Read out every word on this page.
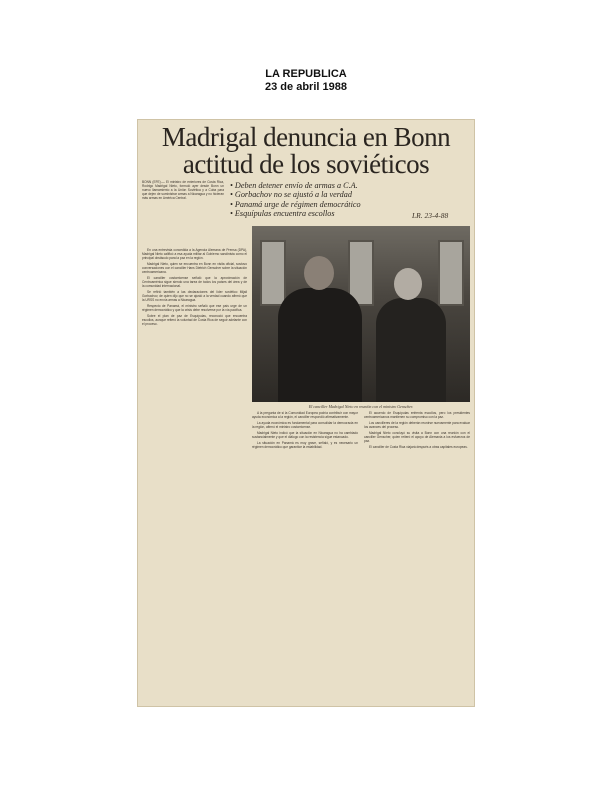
LA REPUBLICA
23 de abril 1988
Madrigal denuncia en Bonn
actitud de los soviéticos
BONN (EFE).— El ministro de exteriores de Costa Rica, Rodrigo Madrigal Nieto, formuló ayer desde Bonn un nuevo llamamiento a la Unión Soviética y a Cuba para que dejen de suministrar armas a Nicaragua y no hicieran más armas en América Central.
• Deben detener envío de armas a C.A.
• Gorbachov no se ajustó a la verdad
• Panamá urge de régimen democrático
• Esquípulas encuentra escollos	LR. 23-4-88
El canciller Madrigal Nieto en reunión con el ministro Genscher.

En una entrevista concedida a la Agencia Alemana de Prensa (DPA), Madrigal Nieto calificó a esa ayuda militar al Gobierno sandinista como el principal obstáculo para la paz en la región.

Madrigal Nieto, quien se encuentra en Bonn en visita oficial, sostuvo conversaciones con el canciller Hans Dietrich Genscher sobre la situación centroamericana.

El canciller costarricense señaló que la aproximación de Centroamérica sigue siendo una tarea de todos los países del área y de la comunidad internacional.

Se refirió también a las declaraciones del líder soviético Mijail Gorbachov, de quien dijo que no se ajustó a la verdad cuando afirmó que la URSS no envía armas a Nicaragua.

Respecto de Panamá, el ministro señaló que ese país urge de un régimen democrático y que la crisis debe resolverse por la vía pacífica.

Sobre el plan de paz de Esquípulas, reconoció que encuentra escollos, aunque reiteró la voluntad de Costa Rica de seguir adelante con el proceso.

A la pregunta de si la Comunidad Europea podría contribuir con mayor ayuda económica a la región, el canciller respondió afirmativamente.

La ayuda económica es fundamental para consolidar la democracia en la región, afirmó el ministro costarricense.

Madrigal Nieto indicó que la situación en Nicaragua no ha cambiado sustancialmente y que el diálogo con la resistencia sigue estancado.

La situación en Panamá es muy grave, señaló, y es necesario un régimen democrático que garantice la estabilidad.

El acuerdo de Esquípulas enfrenta escollos, pero los presidentes centroamericanos mantienen su compromiso con la paz.

Los cancilleres de la región deberán reunirse nuevamente para evaluar los avances del proceso.

Madrigal Nieto concluyó su visita a Bonn con una reunión con el canciller Genscher, quien reiteró el apoyo de Alemania a los esfuerzos de paz.

El canciller de Costa Rica viajará después a otras capitales europeas.
